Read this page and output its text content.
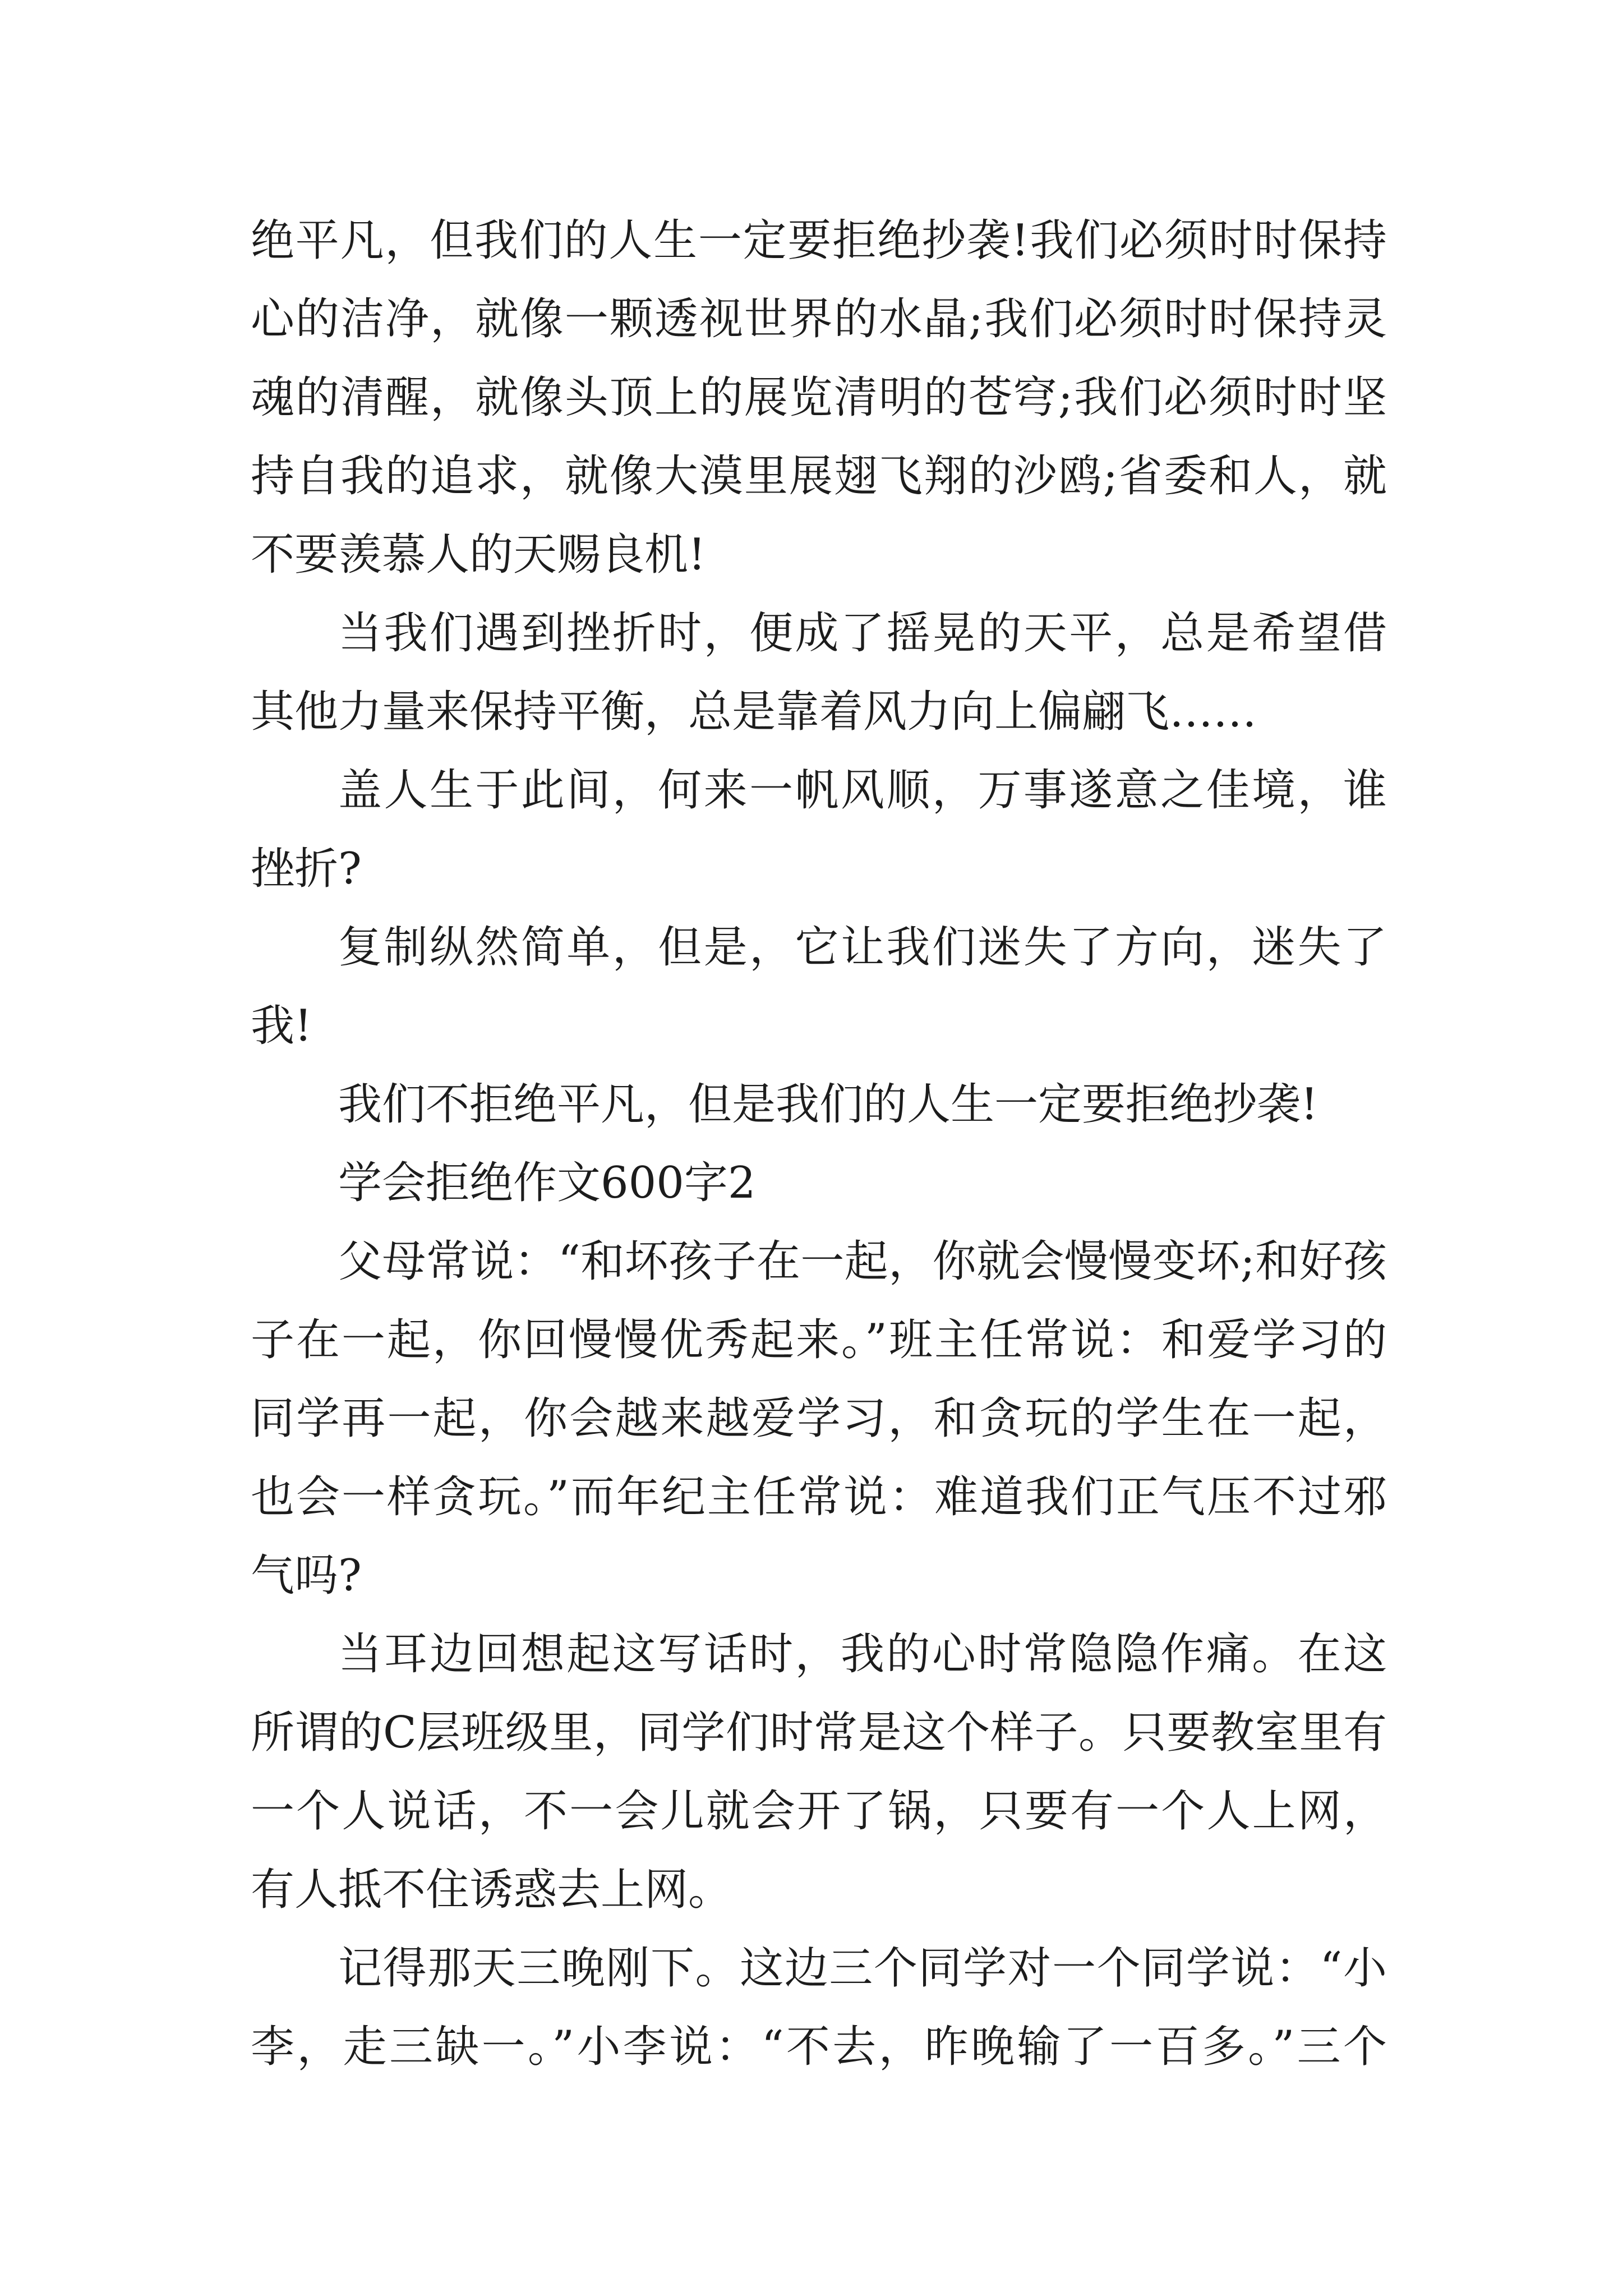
绝平凡，但我们的人生一定要拒绝抄袭!我们必须时时保持
心的洁净，就像一颗透视世界的水晶;我们必须时时保持灵
魂的清醒，就像头顶上的展览清明的苍穹;我们必须时时坚
持自我的追求，就像大漠里展翅飞翔的沙鸥;省委和人，就
不要羡慕人的天赐良机!
当我们遇到挫折时，便成了摇晃的天平，总是希望借
其他力量来保持平衡，总是靠着风力向上偏翩飞……
盖人生于此间，何来一帆风顺，万事遂意之佳境，谁
挫折?
复制纵然简单，但是，它让我们迷失了方向，迷失了
我!
我们不拒绝平凡，但是我们的人生一定要拒绝抄袭!
学会拒绝作文600字2
父母常说：“和坏孩子在一起，你就会慢慢变坏;和好孩
子在一起，你回慢慢优秀起来。”班主任常说：和爱学习的
同学再一起，你会越来越爱学习，和贪玩的学生在一起，
也会一样贪玩。”而年纪主任常说：难道我们正气压不过邪
气吗?
当耳边回想起这写话时，我的心时常隐隐作痛。在这
所谓的C层班级里，同学们时常是这个样子。只要教室里有
一个人说话，不一会儿就会开了锅，只要有一个人上网，
有人抵不住诱惑去上网。
记得那天三晚刚下。这边三个同学对一个同学说：“小
李，走三缺一。”小李说：“不去，昨晚输了一百多。”三个
